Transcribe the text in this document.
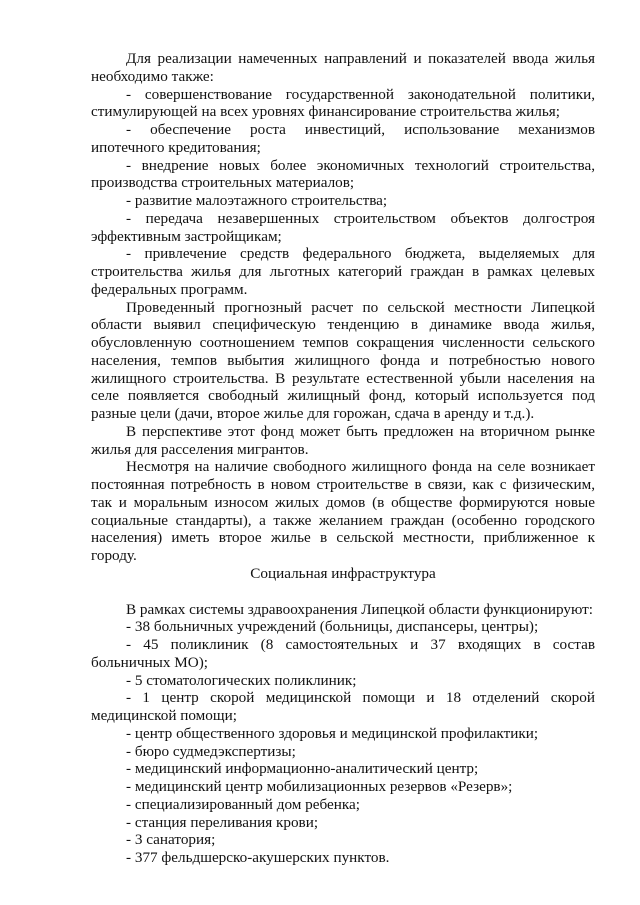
Для реализации намеченных направлений и показателей ввода жилья необходимо также:

- совершенствование государственной законодательной политики, стимулирующей на всех уровнях финансирование строительства жилья;

- обеспечение роста инвестиций, использование механизмов ипотечного кредитования;

- внедрение новых более экономичных технологий строительства, производства строительных материалов;

- развитие малоэтажного строительства;

- передача незавершенных строительством объектов долгостроя эффективным застройщикам;

- привлечение средств федерального бюджета, выделяемых для строительства жилья для льготных категорий граждан в рамках целевых федеральных программ.

Проведенный прогнозный расчет по сельской местности Липецкой области выявил специфическую тенденцию в динамике ввода жилья, обусловленную соотношением темпов сокращения численности сельского населения, темпов выбытия жилищного фонда и потребностью нового жилищного строительства. В результате естественной убыли населения на селе появляется свободный жилищный фонд, который используется под разные цели (дачи, второе жилье для горожан, сдача в аренду и т.д.).

В перспективе этот фонд может быть предложен на вторичном рынке жилья для расселения мигрантов.

Несмотря на наличие свободного жилищного фонда на селе возникает постоянная потребность в новом строительстве в связи, как с физическим, так и моральным износом жилых домов (в обществе формируются новые социальные стандарты), а также желанием граждан (особенно городского населения) иметь второе жилье в сельской местности, приближенное к городу.

Социальная инфраструктура

В рамках системы здравоохранения Липецкой области функционируют:

- 38 больничных учреждений (больницы, диспансеры, центры);

- 45 поликлиник (8 самостоятельных и 37 входящих в состав больничных МО);

- 5 стоматологических поликлиник;

- 1 центр скорой медицинской помощи и 18 отделений скорой медицинской помощи;

- центр общественного здоровья и медицинской профилактики;

- бюро судмедэкспертизы;

- медицинский информационно-аналитический центр;

- медицинский центр мобилизационных резервов «Резерв»;

- специализированный дом ребенка;

- станция переливания крови;

- 3 санатория;

- 377 фельдшерско-акушерских пунктов.
